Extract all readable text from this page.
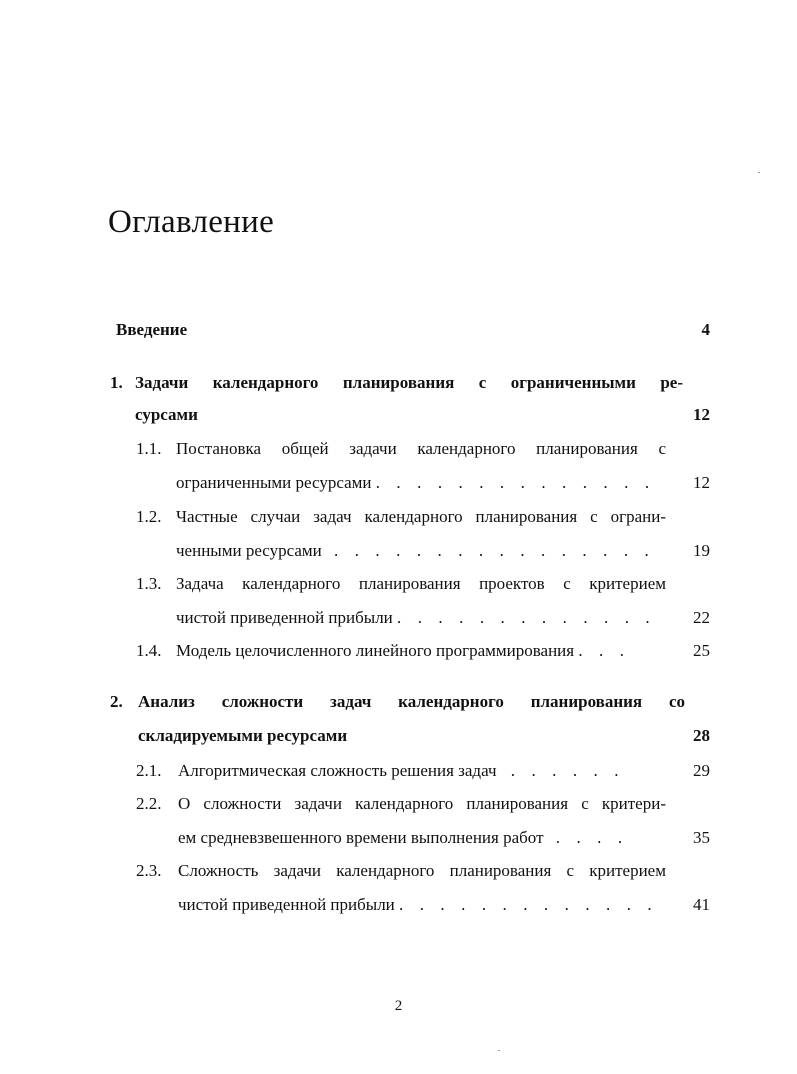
Оглавление
Введение	4
1. Задачи календарного планирования с ограниченными ре-
сурсами	12
1.1. Постановка общей задачи календарного планирования с
ограниченными ресурсами . . .	12
1.2. Частные случаи задач календарного планирования с ограни-
ченными ресурсами . . .	19
1.3. Задача календарного планирования проектов с критерием
чистой приведенной прибыли . . .	22
1.4. Модель целочисленного линейного программирования . . .	25
2. Анализ сложности задач календарного планирования со
складируемыми ресурсами	28
2.1. Алгоритмическая сложность решения задач . . .	29
2.2. О сложности задачи календарного планирования с критери-
ем средневзвешенного времени выполнения работ . . .	35
2.3. Сложность задачи календарного планирования с критерием
чистой приведенной прибыли . . .	41
2
